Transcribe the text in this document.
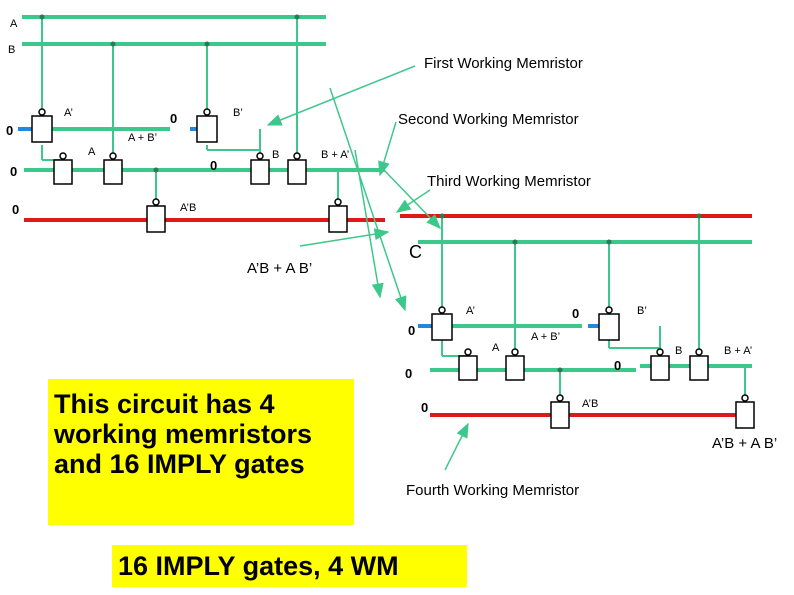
A
B
First Working Memristor
Second Working Memristor
Third Working Memristor
Fourth Working Memristor
C
A’B + A B’
A’B + A B’
0
0
0	0
0
0
0
0
0
0
A’
A
A + B’
B’
B	B + A’
A’B
A’
A
A + B’
B’
B	B + A’
A’B
This circuit has 4 working memristors and 16 IMPLY gates
16 IMPLY gates, 4 WM
